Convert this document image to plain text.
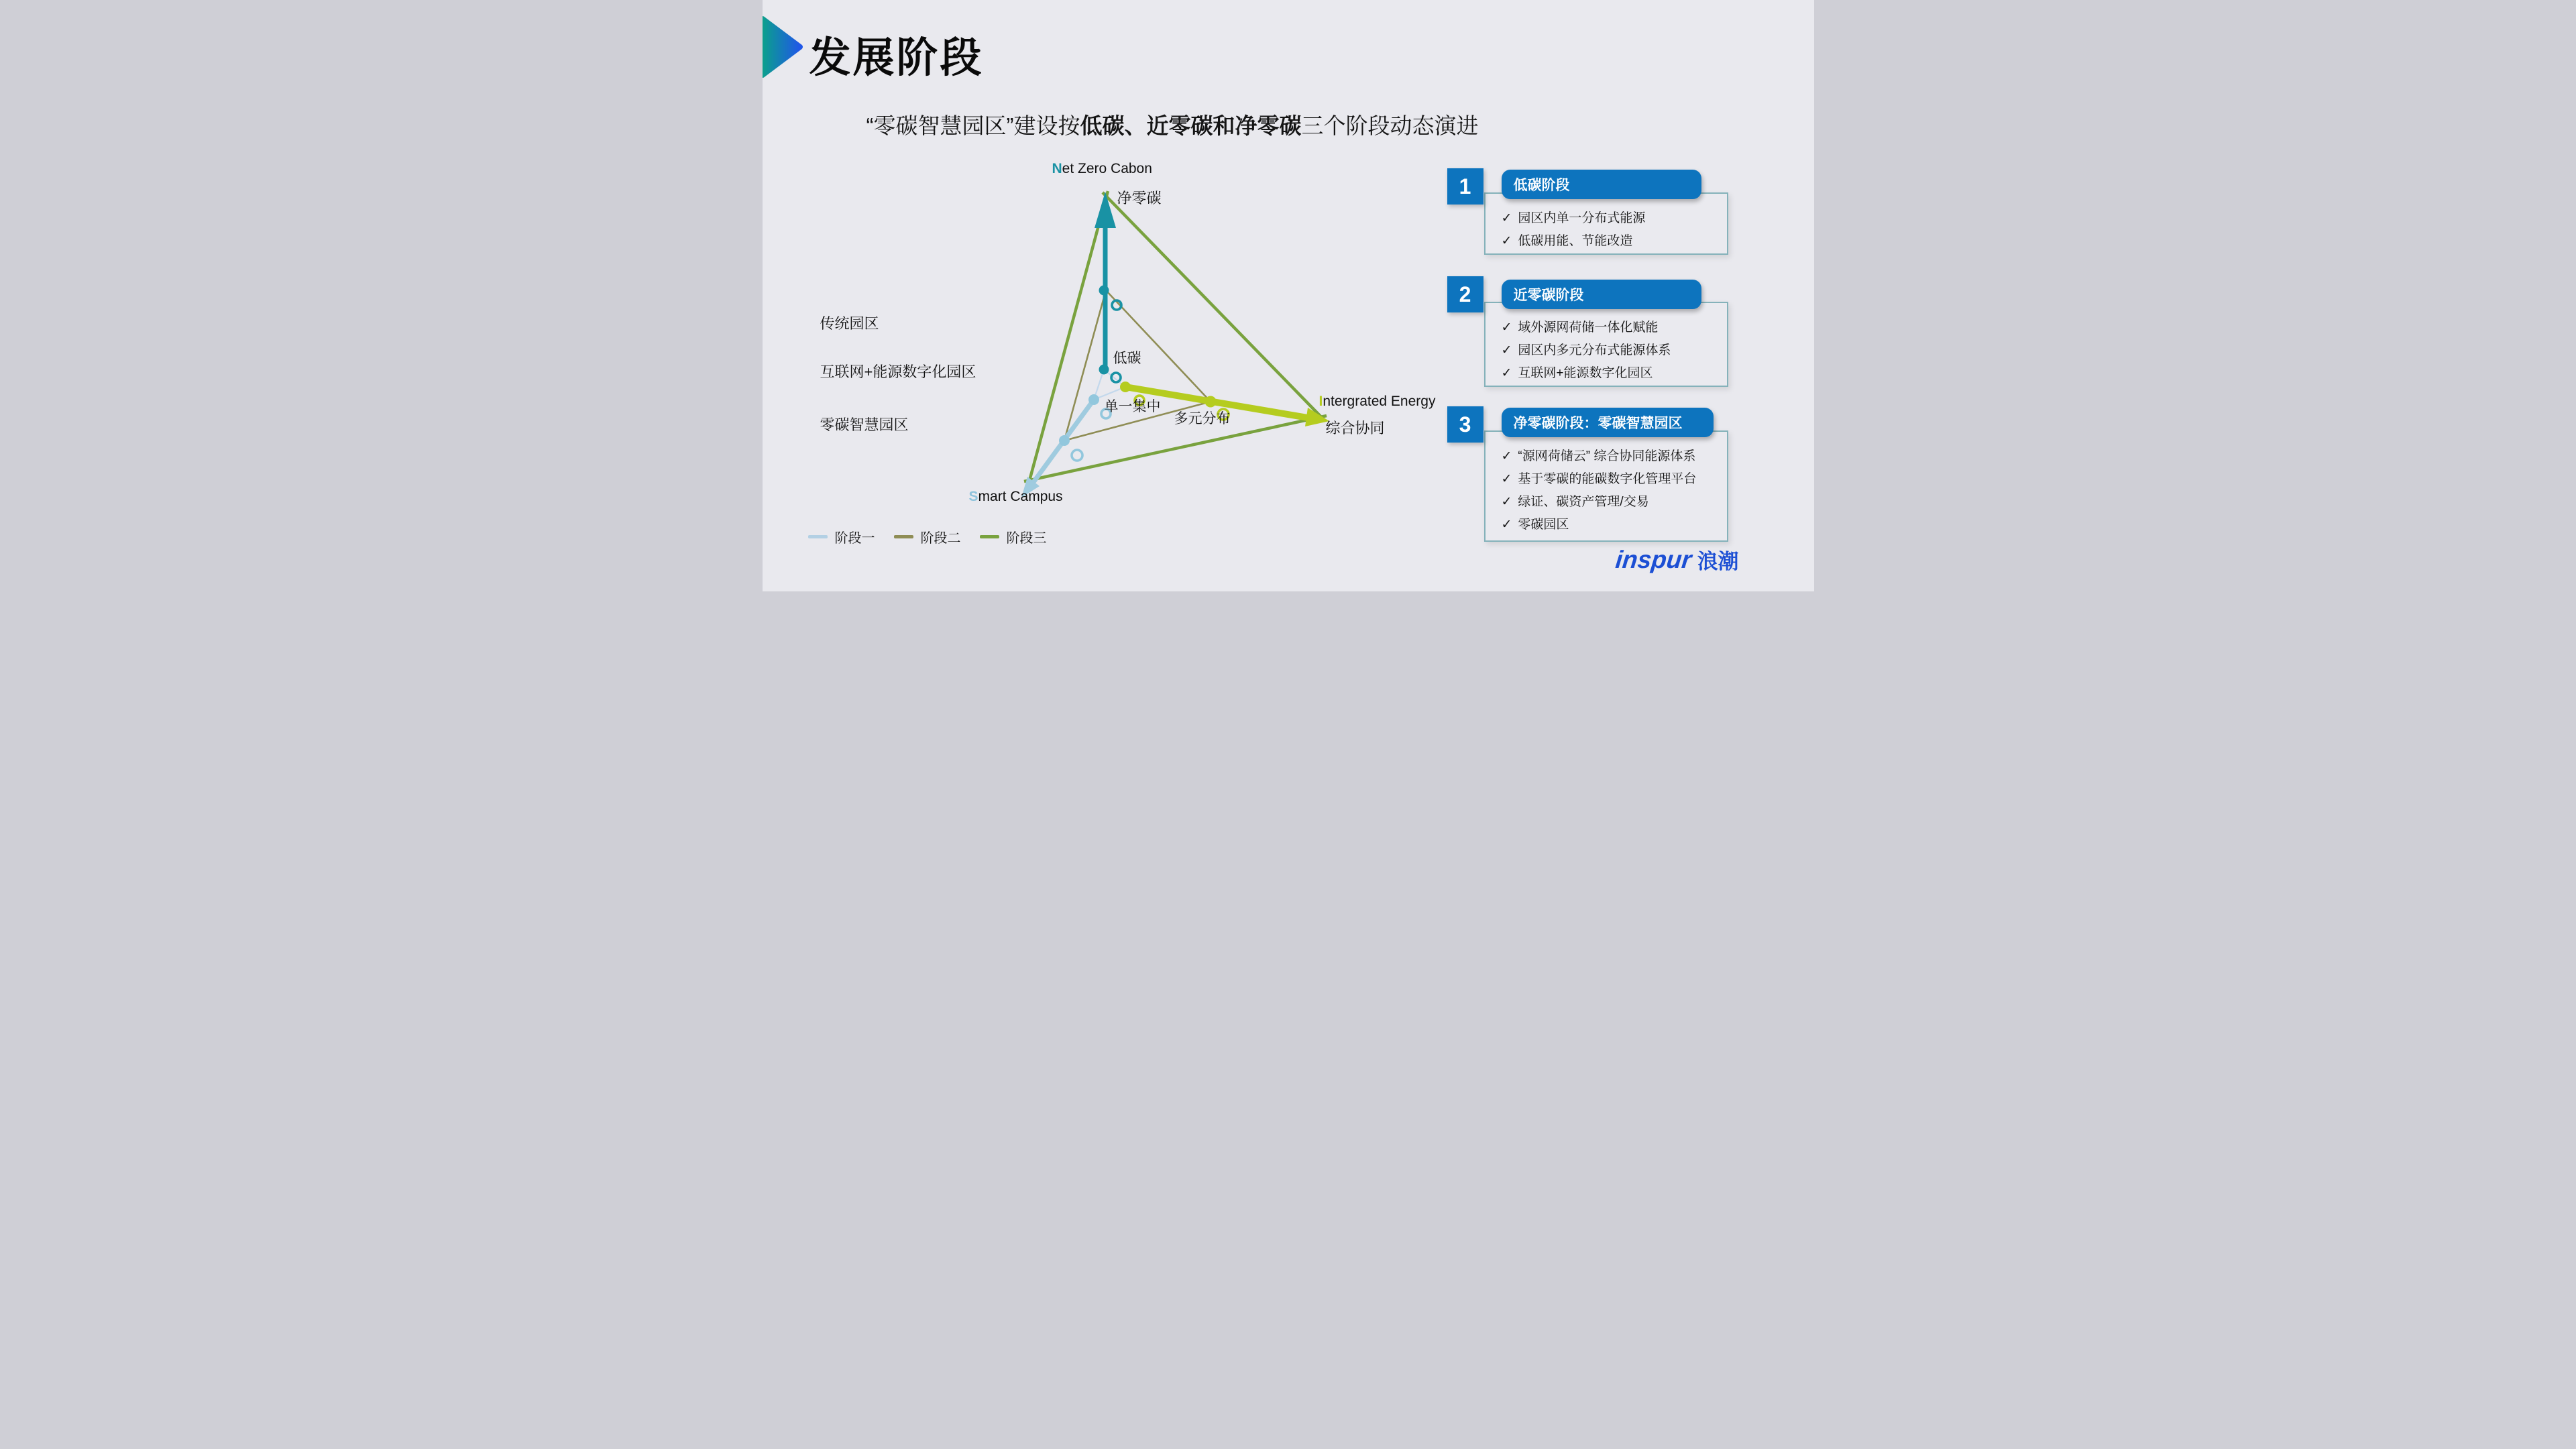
发展阶段
“零碳智慧园区”建设按低碳、近零碳和净零碳三个阶段动态演进
Net Zero Cabon
净零碳
Intergrated Energy
综合协同
Smart Campus
低碳
单一集中
多元分布
传统园区
互联网+能源数字化园区
零碳智慧园区
阶段一	阶段二	阶段三
✓
园区内单一分布式能源
✓
低碳用能、节能改造
1	低碳阶段
✓
域外源网荷储一体化赋能
✓
园区内多元分布式能源体系
✓
互联网+能源数字化园区
2	近零碳阶段
✓
“源网荷储云” 综合协同能源体系
✓
基于零碳的能碳数字化管理平台
✓
绿证、碳资产管理/交易
✓
零碳园区
3	净零碳阶段：零碳智慧园区
inspur 浪潮
